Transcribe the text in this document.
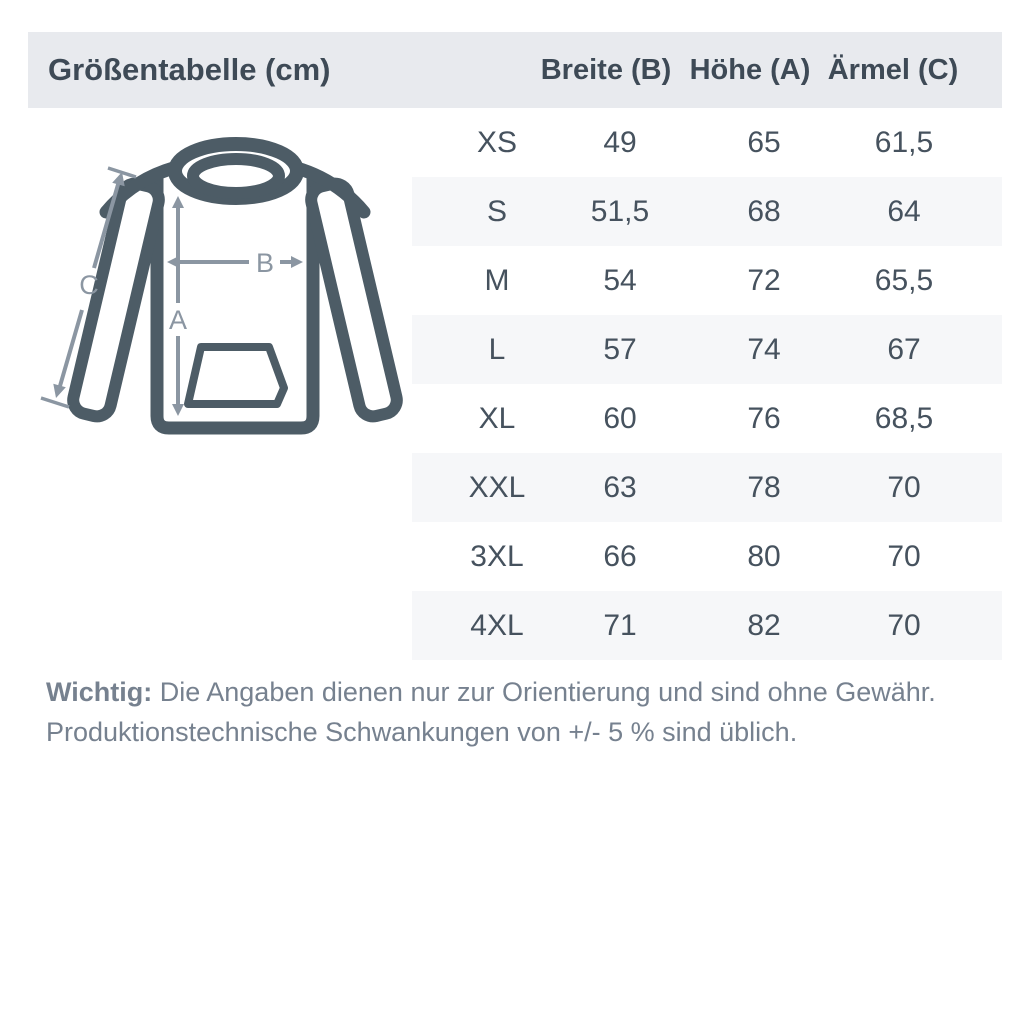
Größentabelle (cm)	Breite (B) Höhe (A) Ärmel (C)
A
B
C
XS	49	65	61,5
S	51,5	68	64
M	54	72	65,5
L	57	74	67
XL	60	76	68,5
XXL	63	78	70
3XL	66	80	70
4XL	71	82	70
Wichtig: Die Angaben dienen nur zur Orientierung und sind ohne Gewähr.
Produktionstechnische Schwankungen von +/- 5 % sind üblich.
